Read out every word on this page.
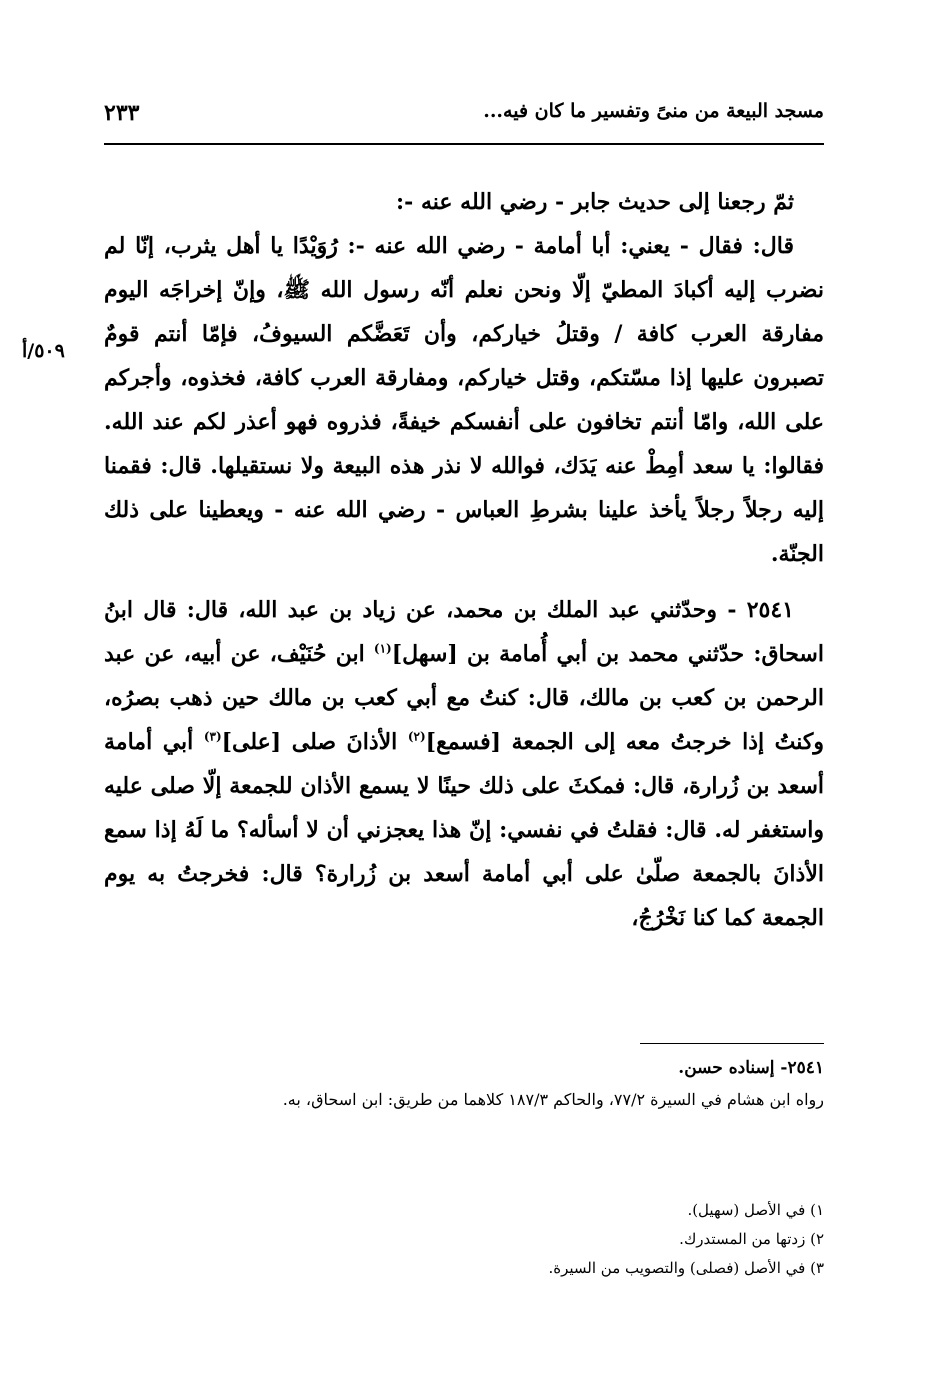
مسجد البيعة من منىً وتفسير ما كان فيه...
٢٣٣
٥٠٩/أ

ثمّ رجعنا إلى حديث جابر - رضي الله عنه -:

قال: فقال - يعني: أبا أمامة - رضي الله عنه -: رُوَيْدًا يا أهل يثرب، إنّا لم نضرب إليه أكبادَ المطيّ إلّا ونحن نعلم أنّه رسول الله ﷺ، وإنّ إخراجَه اليوم مفارقة العرب كافة / وقتلُ خياركم، وأن تَعَضَّكم السيوفُ، فإمّا أنتم قومٌ تصبرون عليها إذا مسّتكم، وقتل خياركم، ومفارقة العرب كافة، فخذوه، وأجركم على الله، وامّا أنتم تخافون على أنفسكم خيفةً، فذروه فهو أعذر لكم عند الله. فقالوا: يا سعد أمِطْ عنه يَدَك، فوالله لا نذر هذه البيعة ولا نستقيلها. قال: فقمنا إليه رجلاً رجلاً يأخذ علينا بشرطِ العباس - رضي الله عنه - ويعطينا على ذلك الجنّة.

٢٥٤١ - وحدّثني عبد الملك بن محمد، عن زياد بن عبد الله، قال: قال ابنُ اسحاق: حدّثني محمد بن أبي أُمامة بن [سهل]$^{(١)}$ ابن حُنَيْف، عن أبيه، عن عبد الرحمن بن كعب بن مالك، قال: كنتُ مع أبي كعب بن مالك حين ذهب بصرُه، وكنتُ إذا خرجتُ معه إلى الجمعة [فسمع]$^{(٢)}$ الأذانَ صلى [على]$^{(٣)}$ أبي أمامة أسعد بن زُرارة، قال: فمكثَ على ذلك حينًا لا يسمع الأذان للجمعة إلّا صلى عليه واستغفر له. قال: فقلتُ في نفسي: إنّ هذا يعجزني أن لا أسأله؟ ما لَهُ إذا سمع الأذانَ بالجمعة صلّىٰ على أبي أمامة أسعد بن زُرارة؟ قال: فخرجتُ به يوم الجمعة كما كنا نَخْرُجُ،

٢٥٤١- إسناده حسن.

رواه ابن هشام في السيرة ٧٧/٢، والحاكم ١٨٧/٣ كلاهما من طريق: ابن اسحاق، به.

١) في الأصل (سهيل).

٢) زدتها من المستدرك.

٣) في الأصل (فصلى) والتصويب من السيرة.
